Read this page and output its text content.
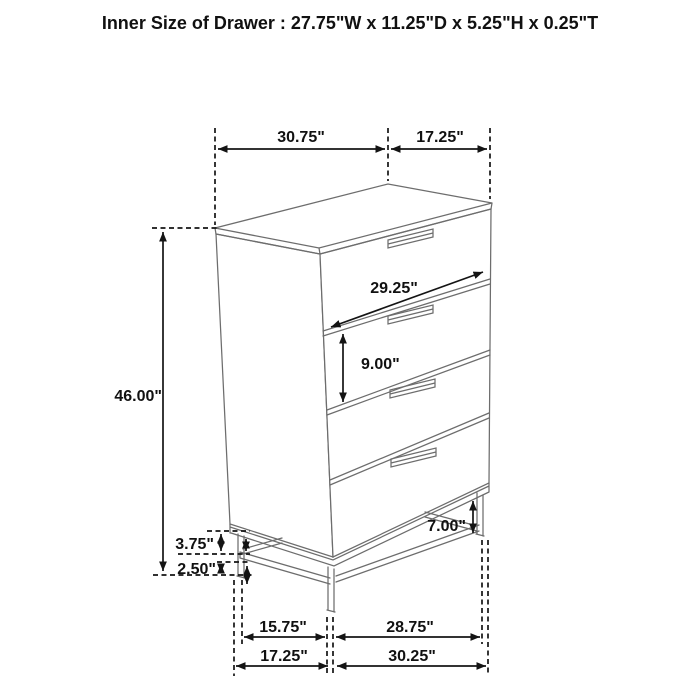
Inner Size of Drawer : 27.75"W x 11.25"D x 5.25"H x 0.25"T
30.75"	17.25"
46.00"
29.25"
9.00"
7.00"
3.75"
2.50"
15.75"	28.75"
17.25"	30.25"
